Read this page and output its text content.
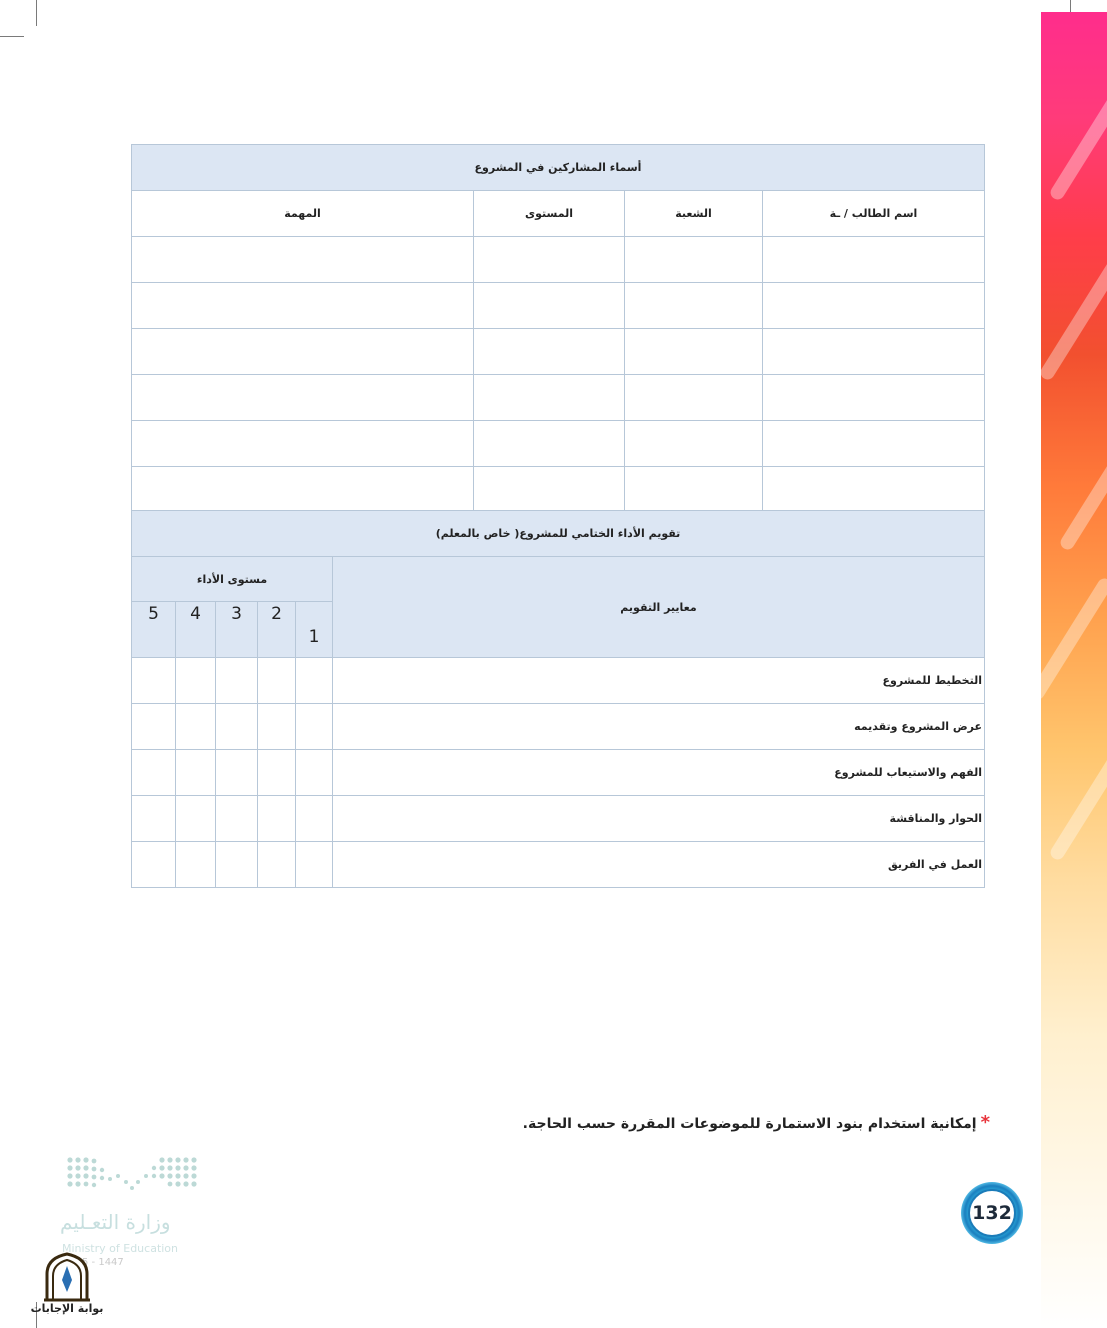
أسماء المشاركين في المشروع			
اسم الطالب / ـة	الشعبة	المستوى	المهمة

تقويم الأداء الختامي للمشروع( خاص بالمعلم)					
معايير التقويم	مستوى الأداء				
	1	2	3	4	5
التخطيط للمشروع					
عرض المشروع وتقديمه					
الفهم والاستيعاب للمشروع					
الحوار والمناقشة					
العمل في الفريق					
*إمكانية استخدام بنود الاستمارة للموضوعات المقررة حسب الحاجة.
132
وزارة التعـليم
Ministry of Education
5 - 1447
بوابة الإجابات
